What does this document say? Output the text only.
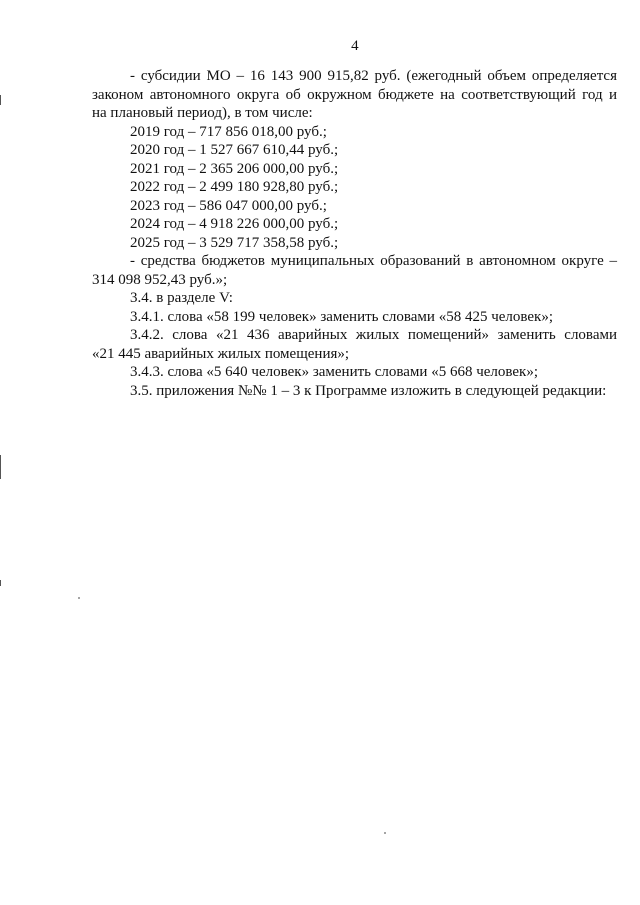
4

- субсидии МО – 16 143 900 915,82 руб. (ежегодный объем определяется

законом автономного округа об окружном бюджете на соответствующий год и

на плановый период), в том числе:

2019 год – 717 856 018,00 руб.;

2020 год – 1 527 667 610,44 руб.;

2021 год – 2 365 206 000,00 руб.;

2022 год – 2 499 180 928,80 руб.;

2023 год – 586 047 000,00 руб.;

2024 год – 4 918 226 000,00 руб.;

2025 год – 3 529 717 358,58 руб.;

- средства бюджетов муниципальных образований в автономном округе –

314 098 952,43 руб.»;

3.4. в разделе V:

3.4.1. слова «58 199 человек» заменить словами «58 425 человек»;

3.4.2. слова «21 436 аварийных жилых помещений» заменить словами

«21 445 аварийных жилых помещения»;

3.4.3. слова «5 640 человек» заменить словами «5 668 человек»;

3.5. приложения №№ 1 – 3 к Программе изложить в следующей редакции:
